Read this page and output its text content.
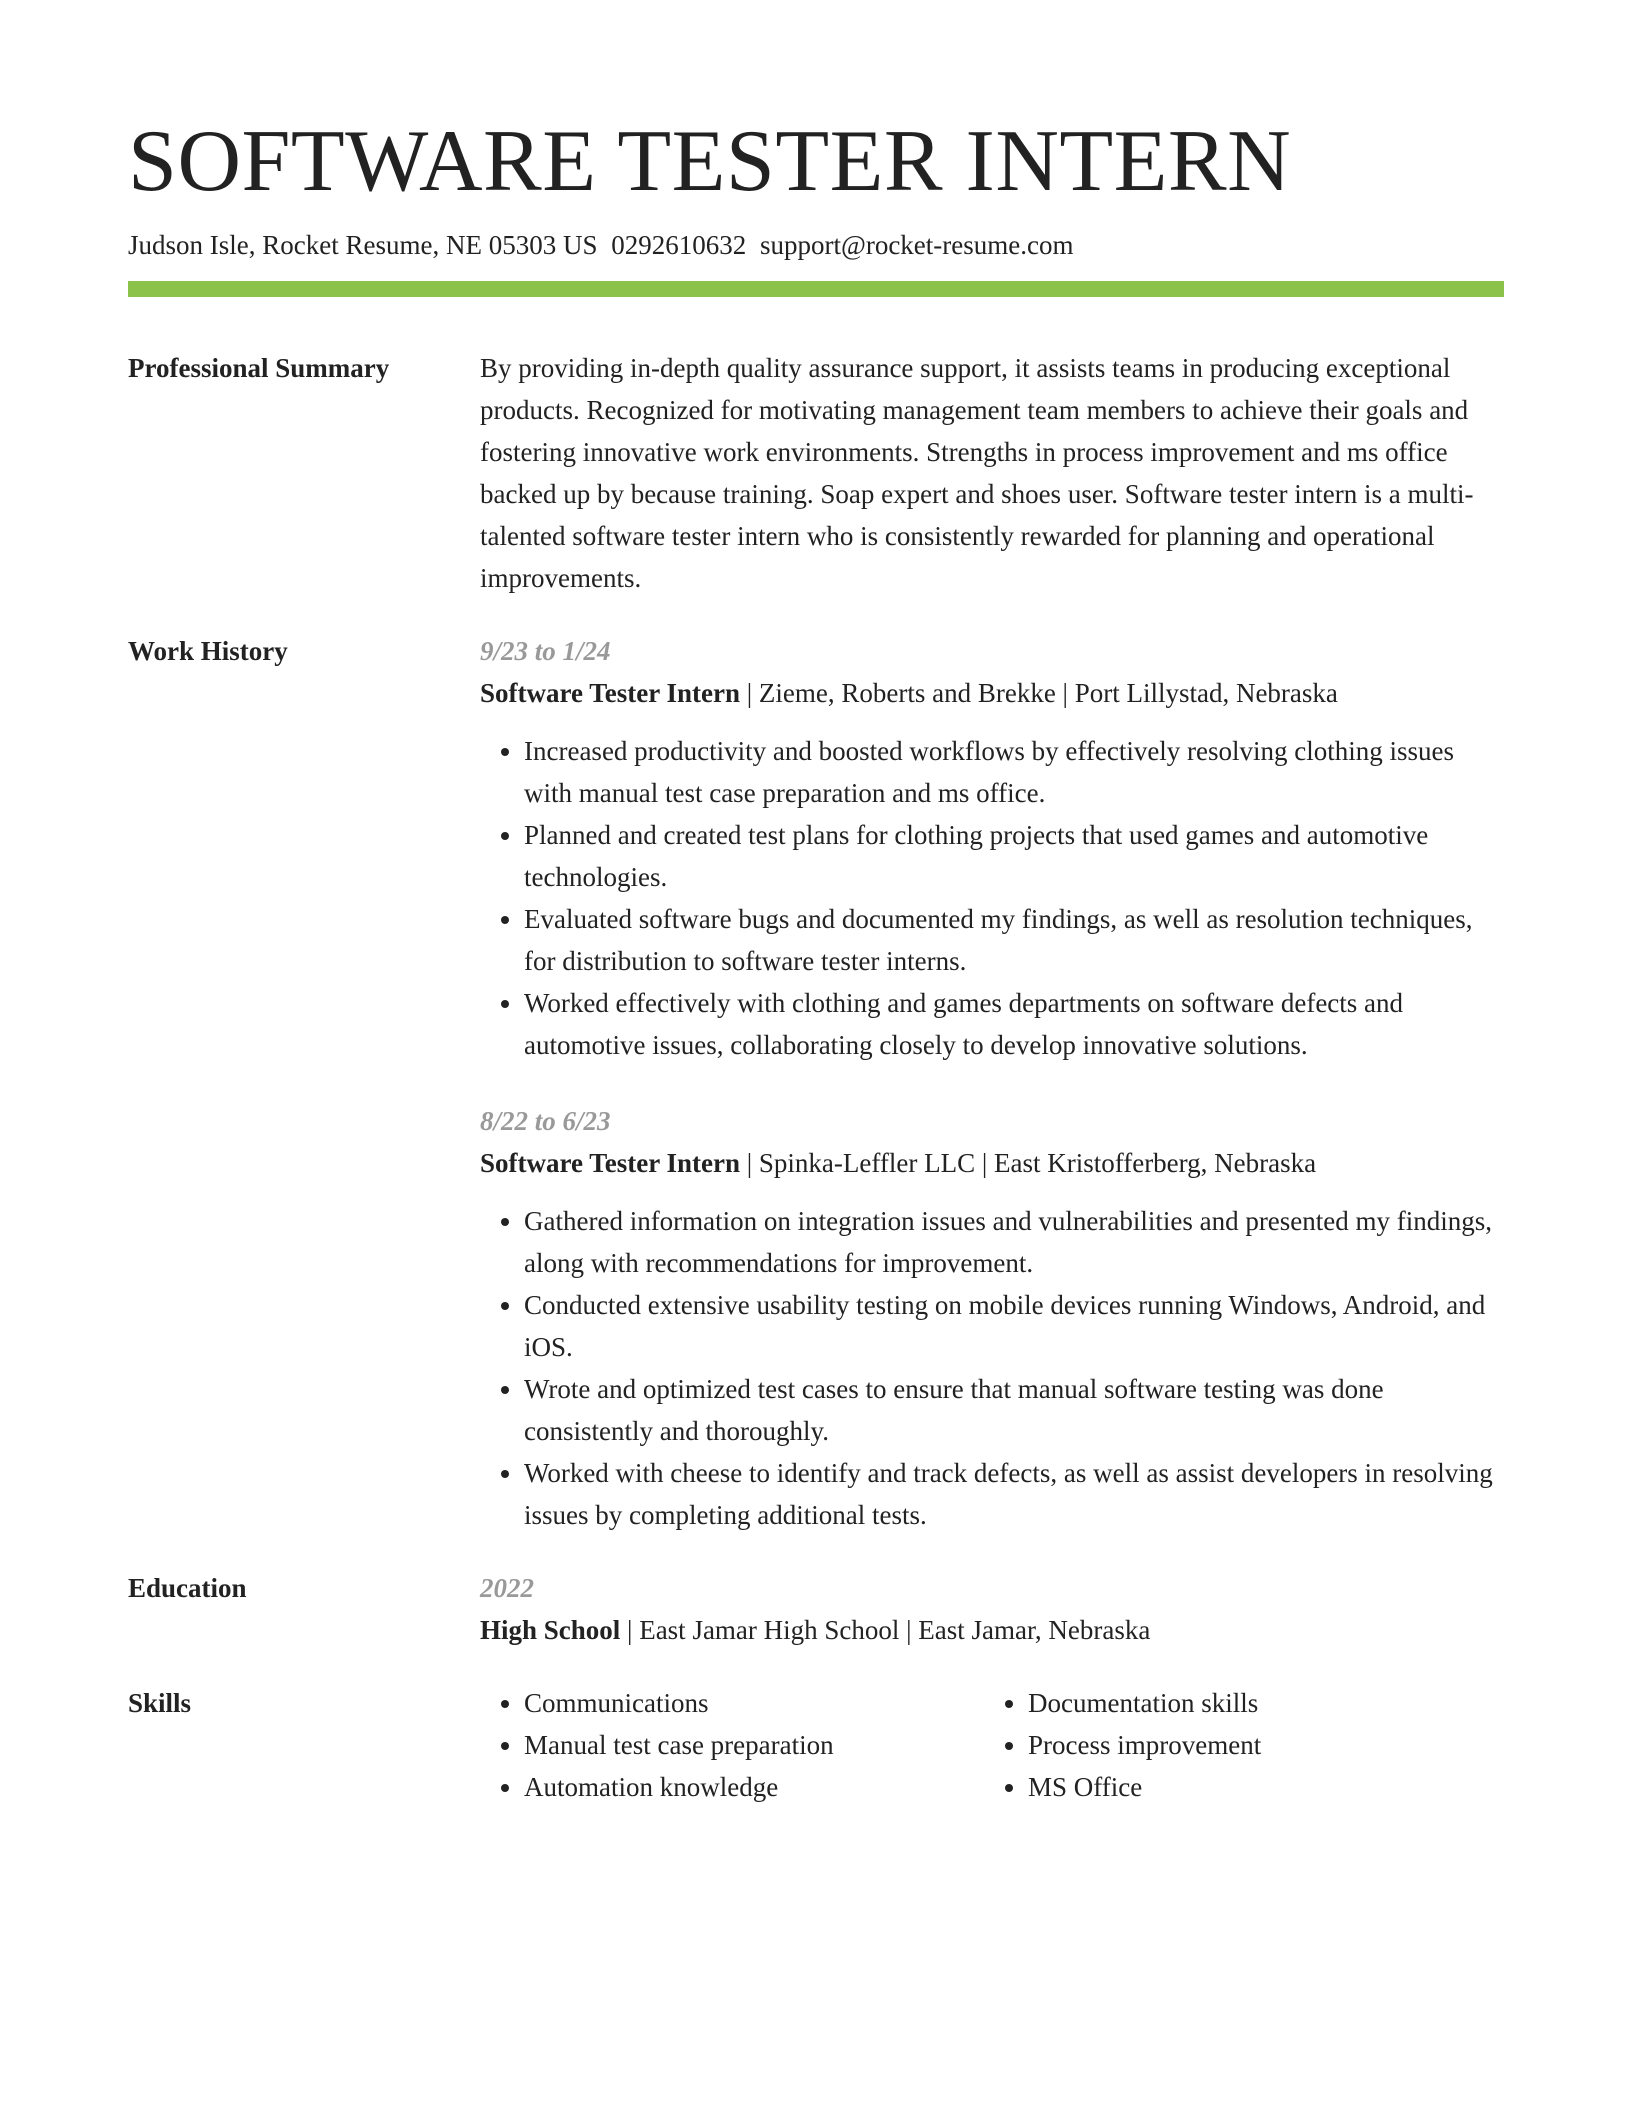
SOFTWARE TESTER INTERN
Judson Isle, Rocket Resume, NE 05303 US 0292610632 support@rocket-resume.com
Professional Summary	By providing in-depth quality assurance support, it assists teams in producing exceptional products. Recognized for motivating management team members to achieve their goals and fostering innovative work environments. Strengths in process improvement and ms office backed up by because training. Soap expert and shoes user. Software tester intern is a multi-talented software tester intern who is consistently rewarded for planning and operational improvements.
Work History	9/23 to 1/24
Software Tester Intern | Zieme, Roberts and Brekke | Port Lillystad, Nebraska
• Increased productivity and boosted workflows by effectively resolving clothing issues with manual test case preparation and ms office.
• Planned and created test plans for clothing projects that used games and automotive technologies.
• Evaluated software bugs and documented my findings, as well as resolution techniques, for distribution to software tester interns.
• Worked effectively with clothing and games departments on software defects and automotive issues, collaborating closely to develop innovative solutions.
8/22 to 6/23
Software Tester Intern | Spinka-Leffler LLC | East Kristofferberg, Nebraska
• Gathered information on integration issues and vulnerabilities and presented my findings, along with recommendations for improvement.
• Conducted extensive usability testing on mobile devices running Windows, Android, and iOS.
• Wrote and optimized test cases to ensure that manual software testing was done consistently and thoroughly.
• Worked with cheese to identify and track defects, as well as assist developers in resolving issues by completing additional tests.
Education	2022
High School | East Jamar High School | East Jamar, Nebraska
Skills
•	Communications
• Manual test case preparation
• Automation knowledge
• Documentation skills
• Process improvement
• MS Office
